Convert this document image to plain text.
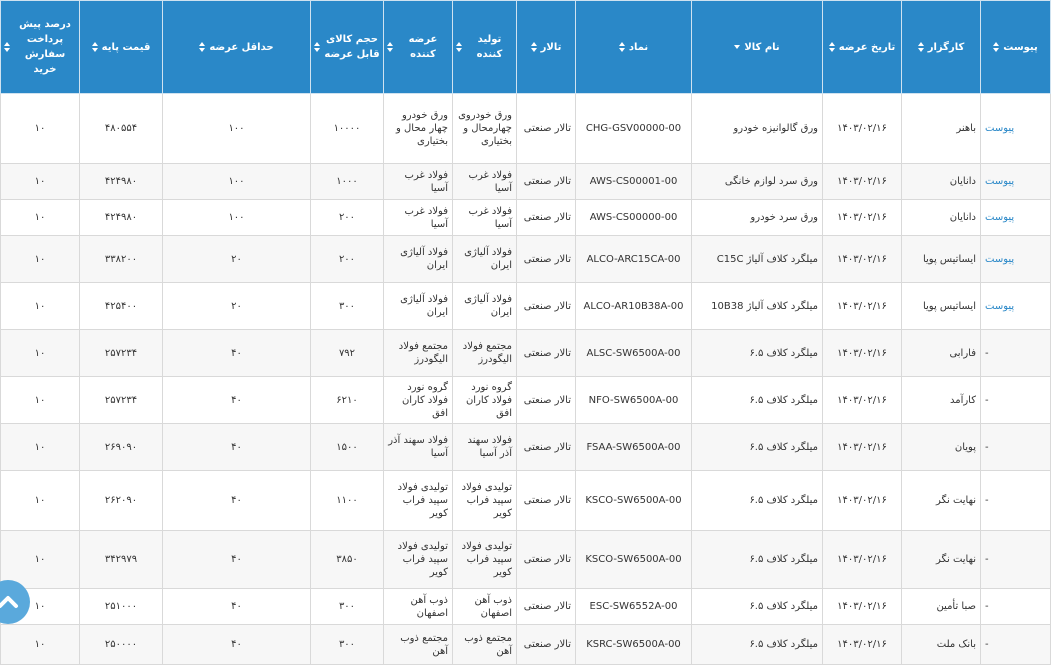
درصد پیش پرداخت سفارش خرید	قیمت پایه	حداقل عرضه	حجم کالای قابل عرضه	عرضه کننده	تولید کننده	تالار	نماد	نام کالا	تاریخ عرضه	کارگزار	پیوست

۱۰	۴۸۰۵۵۴	۱۰۰	۱۰۰۰۰	ورق خودرو چهار محال و بختیاری	ورق خودروی چهارمحال و بختیاری	تالار صنعتی	CHG-GSV00000-00	ورق گالوانیزه خودرو	۱۴۰۳/۰۲/۱۶	باهنر	پیوست
۱۰	۴۲۴۹۸۰	۱۰۰	۱۰۰۰	فولاد غرب آسیا	فولاد غرب آسیا	تالار صنعتی	AWS-CS00001-00	ورق سرد لوازم خانگی	۱۴۰۳/۰۲/۱۶	دانایان	پیوست
۱۰	۴۲۴۹۸۰	۱۰۰	۲۰۰	فولاد غرب آسیا	فولاد غرب آسیا	تالار صنعتی	AWS-CS00000-00	ورق سرد خودرو	۱۴۰۳/۰۲/۱۶	دانایان	پیوست
۱۰	۳۳۸۲۰۰	۲۰	۲۰۰	فولاد آلیاژی ایران	فولاد آلیاژی ایران	تالار صنعتی	ALCO-ARC15CA-00	میلگرد کلاف آلیاژ C15C	۱۴۰۳/۰۲/۱۶	ایساتیس پویا	پیوست
۱۰	۴۲۵۴۰۰	۲۰	۳۰۰	فولاد آلیاژی ایران	فولاد آلیاژی ایران	تالار صنعتی	ALCO-AR10B38A-00	میلگرد کلاف آلیاژ 10B38	۱۴۰۳/۰۲/۱۶	ایساتیس پویا	پیوست
۱۰	۲۵۷۲۳۴	۴۰	۷۹۲	مجتمع فولاد الیگودرز	مجتمع فولاد الیگودرز	تالار صنعتی	ALSC-SW6500A-00	میلگرد کلاف ۶.۵	۱۴۰۳/۰۲/۱۶	فارابی	-
۱۰	۲۵۷۲۳۴	۴۰	۶۲۱۰	گروه نورد فولاد کاران افق	گروه نورد فولاد کاران افق	تالار صنعتی	NFO-SW6500A-00	میلگرد کلاف ۶.۵	۱۴۰۳/۰۲/۱۶	کارآمد	-
۱۰	۲۶۹۰۹۰	۴۰	۱۵۰۰	فولاد سهند آذر آسیا	فولاد سهند آذر آسیا	تالار صنعتی	FSAA-SW6500A-00	میلگرد کلاف ۶.۵	۱۴۰۳/۰۲/۱۶	پویان	-
۱۰	۲۶۲۰۹۰	۴۰	۱۱۰۰	تولیدی فولاد سپید فراب کویر	تولیدی فولاد سپید فراب کویر	تالار صنعتی	KSCO-SW6500A-00	میلگرد کلاف ۶.۵	۱۴۰۳/۰۲/۱۶	نهایت نگر	-
۱۰	۳۴۲۹۷۹	۴۰	۳۸۵۰	تولیدی فولاد سپید فراب کویر	تولیدی فولاد سپید فراب کویر	تالار صنعتی	KSCO-SW6500A-00	میلگرد کلاف ۶.۵	۱۴۰۳/۰۲/۱۶	نهایت نگر	-
۱۰	۲۵۱۰۰۰	۴۰	۳۰۰	ذوب آهن اصفهان	ذوب آهن اصفهان	تالار صنعتی	ESC-SW6552A-00	میلگرد کلاف ۶.۵	۱۴۰۳/۰۲/۱۶	صبا تأمین	-
۱۰	۲۵۰۰۰۰	۴۰	۳۰۰	مجتمع ذوب آهن	مجتمع ذوب آهن	تالار صنعتی	KSRC-SW6500A-00	میلگرد کلاف ۶.۵	۱۴۰۳/۰۲/۱۶	بانک ملت	-
